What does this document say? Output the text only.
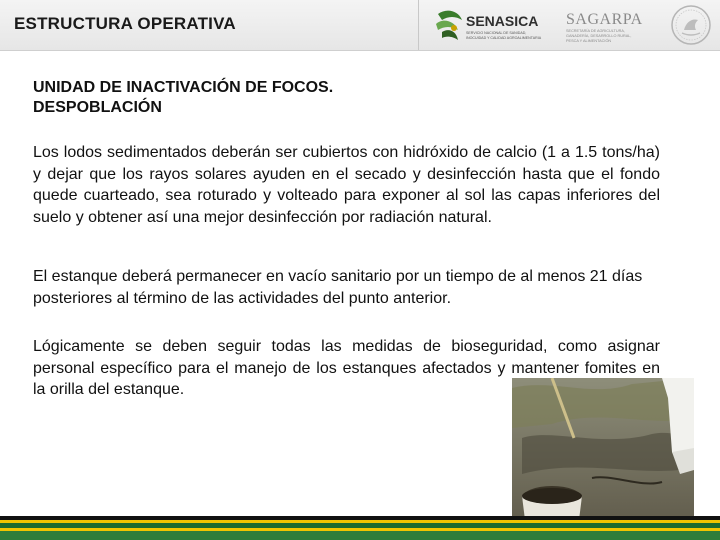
ESTRUCTURA OPERATIVA	SENASICA
SERVICIO NACIONAL DE SANIDAD,
INOCUIDAD Y CALIDAD AGROALIMENTARIA
SAGARPA
SECRETARÍA DE AGRICULTURA,
GANADERÍA, DESARROLLO RURAL,
PESCA Y ALIMENTACIÓN
UNIDAD DE INACTIVACIÓN DE FOCOS.
DESPOBLACIÓN
Los lodos sedimentados deberán ser cubiertos con hidróxido de calcio (1 a 1.5 tons/ha) y dejar que los rayos solares ayuden en el secado y desinfección hasta que el fondo quede cuarteado, sea roturado y volteado para exponer al sol las capas inferiores del suelo y obtener así una mejor desinfección por radiación natural.
El estanque deberá permanecer en vacío sanitario por un tiempo de al menos 21 días posteriores al término de las actividades del punto anterior.
Lógicamente se deben seguir todas las medidas de bioseguridad, como asignar personal específico para el manejo de los estanques afectados y mantener fomites en la orilla del estanque.
